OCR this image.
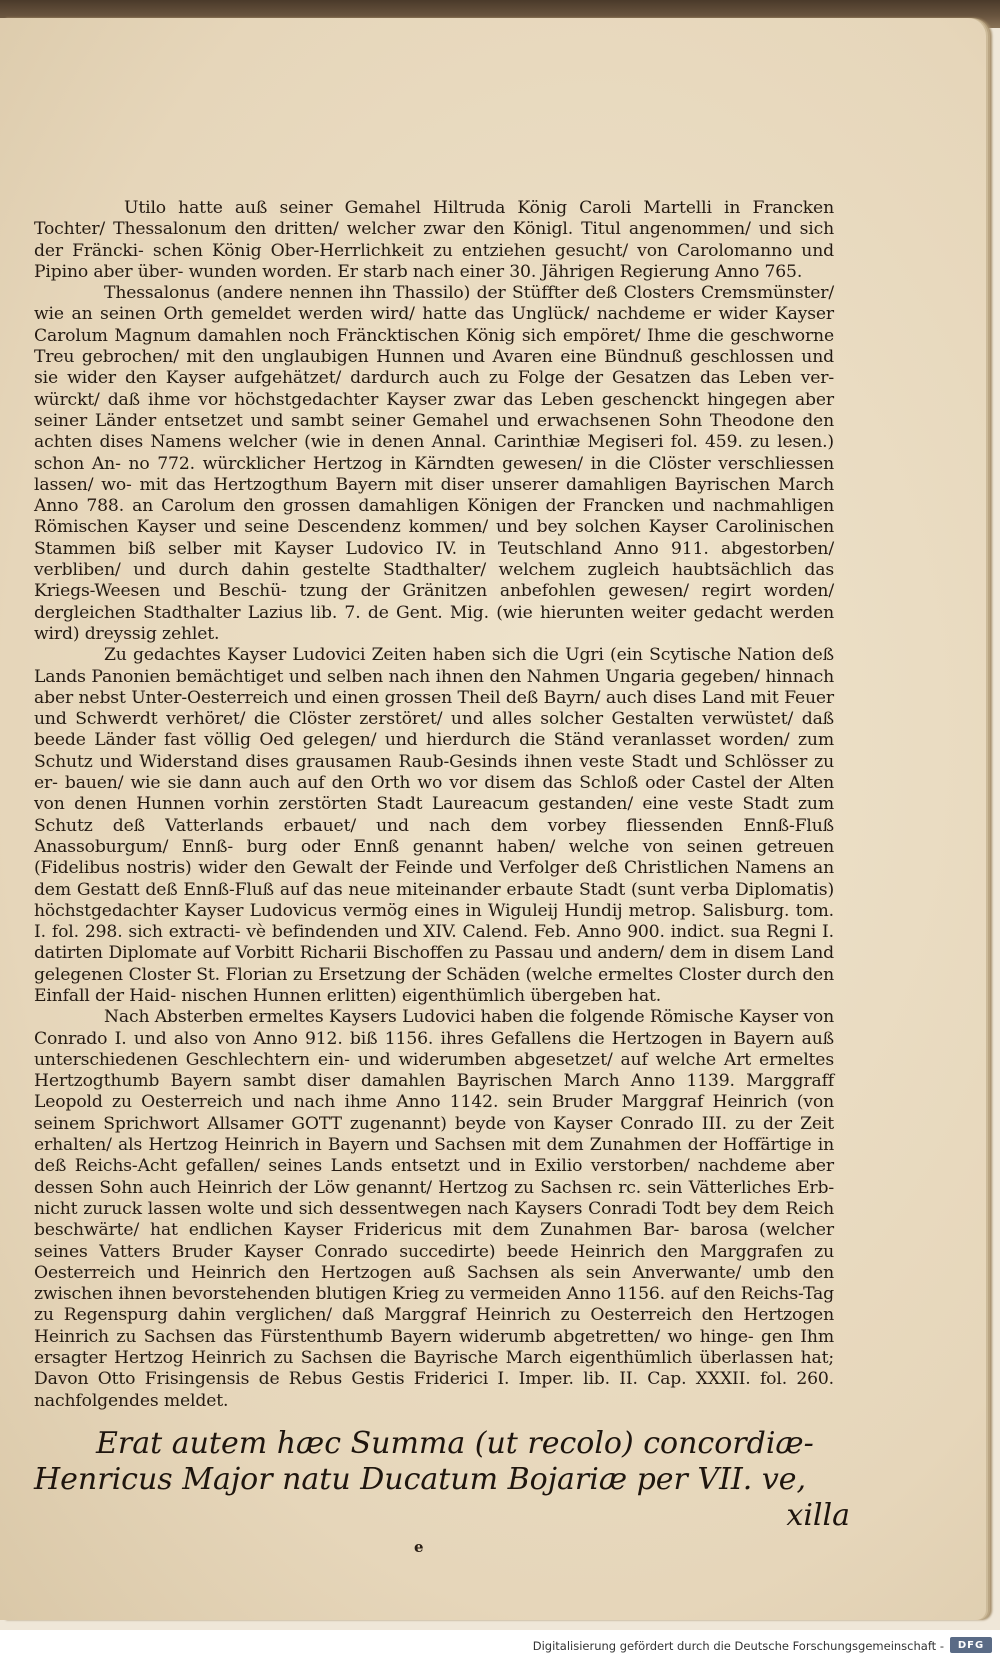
Utilo hatte auß seiner Gemahel Hiltruda König Caroli Martelli in Francken Tochter/ Thessalonum den dritten/ welcher zwar den Königl. Titul angenommen/ und sich der Fräncki- schen König Ober-Herrlichkeit zu entziehen gesucht/ von Carolomanno und Pipino aber über- wunden worden. Er starb nach einer 30. Jährigen Regierung Anno 765.

Thessalonus (andere nennen ihn Thassilo) der Stüffter deß Closters Cremsmünster/ wie an seinen Orth gemeldet werden wird/ hatte das Unglück/ nachdeme er wider Kayser Carolum Magnum damahlen noch Fräncktischen König sich empöret/ Ihme die geschworne Treu gebrochen/ mit den unglaubigen Hunnen und Avaren eine Bündnuß geschlossen und sie wider den Kayser aufgehätzet/ dardurch auch zu Folge der Gesatzen das Leben ver- würckt/ daß ihme vor höchstgedachter Kayser zwar das Leben geschenckt hingegen aber seiner Länder entsetzet und sambt seiner Gemahel und erwachsenen Sohn Theodone den achten dises Namens welcher (wie in denen Annal. Carinthiæ Megiseri fol. 459. zu lesen.) schon An- no 772. würcklicher Hertzog in Kärndten gewesen/ in die Clöster verschliessen lassen/ wo- mit das Hertzogthum Bayern mit diser unserer damahligen Bayrischen March Anno 788. an Carolum den grossen damahligen Königen der Francken und nachmahligen Römischen Kayser und seine Descendenz kommen/ und bey solchen Kayser Carolinischen Stammen biß selber mit Kayser Ludovico IV. in Teutschland Anno 911. abgestorben/ verbliben/ und durch dahin gestelte Stadthalter/ welchem zugleich haubtsächlich das Kriegs-Weesen und Beschü- tzung der Gränitzen anbefohlen gewesen/ regirt worden/ dergleichen Stadthalter Lazius lib. 7. de Gent. Mig. (wie hierunten weiter gedacht werden wird) dreyssig zehlet.

Zu gedachtes Kayser Ludovici Zeiten haben sich die Ugri (ein Scytische Nation deß Lands Panonien bemächtiget und selben nach ihnen den Nahmen Ungaria gegeben/ hinnach aber nebst Unter-Oesterreich und einen grossen Theil deß Bayrn/ auch dises Land mit Feuer und Schwerdt verhöret/ die Clöster zerstöret/ und alles solcher Gestalten verwüstet/ daß beede Länder fast völlig Oed gelegen/ und hierdurch die Ständ veranlasset worden/ zum Schutz und Widerstand dises grausamen Raub-Gesinds ihnen veste Stadt und Schlösser zu er- bauen/ wie sie dann auch auf den Orth wo vor disem das Schloß oder Castel der Alten von denen Hunnen vorhin zerstörten Stadt Laureacum gestanden/ eine veste Stadt zum Schutz deß Vatterlands erbauet/ und nach dem vorbey fliessenden Ennß-Fluß Anassoburgum/ Ennß- burg oder Ennß genannt haben/ welche von seinen getreuen (Fidelibus nostris) wider den Gewalt der Feinde und Verfolger deß Christlichen Namens an dem Gestatt deß Ennß-Fluß auf das neue miteinander erbaute Stadt (sunt verba Diplomatis) höchstgedachter Kayser Ludovicus vermög eines in Wiguleij Hundij metrop. Salisburg. tom. I. fol. 298. sich extracti- vè befindenden und XIV. Calend. Feb. Anno 900. indict. sua Regni I. datirten Diplomate auf Vorbitt Richarii Bischoffen zu Passau und andern/ dem in disem Land gelegenen Closter St. Florian zu Ersetzung der Schäden (welche ermeltes Closter durch den Einfall der Haid- nischen Hunnen erlitten) eigenthümlich übergeben hat.

Nach Absterben ermeltes Kaysers Ludovici haben die folgende Römische Kayser von Conrado I. und also von Anno 912. biß 1156. ihres Gefallens die Hertzogen in Bayern auß unterschiedenen Geschlechtern ein- und widerumben abgesetzet/ auf welche Art ermeltes Hertzogthumb Bayern sambt diser damahlen Bayrischen March Anno 1139. Marggraff Leopold zu Oesterreich und nach ihme Anno 1142. sein Bruder Marggraf Heinrich (von seinem Sprichwort Allsamer GOTT zugenannt) beyde von Kayser Conrado III. zu der Zeit erhalten/ als Hertzog Heinrich in Bayern und Sachsen mit dem Zunahmen der Hoffärtige in deß Reichs-Acht gefallen/ seines Lands entsetzt und in Exilio verstorben/ nachdeme aber dessen Sohn auch Heinrich der Löw genannt/ Hertzog zu Sachsen rc. sein Vätterliches Erb- nicht zuruck lassen wolte und sich dessentwegen nach Kaysers Conradi Todt bey dem Reich beschwärte/ hat endlichen Kayser Fridericus mit dem Zunahmen Bar- barosa (welcher seines Vatters Bruder Kayser Conrado succedirte) beede Heinrich den Marggrafen zu Oesterreich und Heinrich den Hertzogen auß Sachsen als sein Anverwante/ umb den zwischen ihnen bevorstehenden blutigen Krieg zu vermeiden Anno 1156. auf den Reichs-Tag zu Regenspurg dahin verglichen/ daß Marggraf Heinrich zu Oesterreich den Hertzogen Heinrich zu Sachsen das Fürstenthumb Bayern widerumb abgetretten/ wo hinge- gen Ihm ersagter Hertzog Heinrich zu Sachsen die Bayrische March eigenthümlich überlassen hat; Davon Otto Frisingensis de Rebus Gestis Friderici I. Imper. lib. II. Cap. XXXII. fol. 260. nachfolgendes meldet.

Erat autem hæc Summa (ut recolo) concordiæ-
Henricus Major natu Ducatum Bojariæ per VII. ve,
xilla
e
Digitalisierung gefördert durch die Deutsche Forschungsgemeinschaft -	DFG
